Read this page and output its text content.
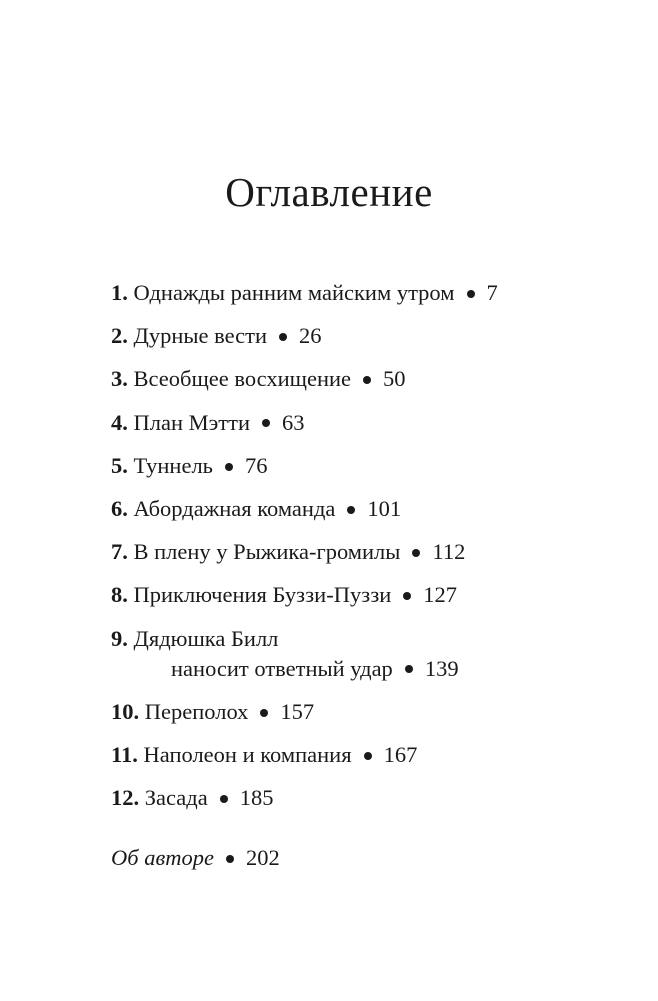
Оглавление
1. Однажды ранним майским утром 7
2. Дурные вести 26
3. Всеобщее восхищение 50
4. План Мэтти 63
5. Туннель 76
6. Абордажная команда 101
7. В плену у Рыжика-громилы 112
8. Приключения Буззи-Пуззи 127
9. Дядюшка Билл
наносит ответный удар 139
10. Переполох 157
11. Наполеон и компания 167
12. Засада 185
Об авторе 202
